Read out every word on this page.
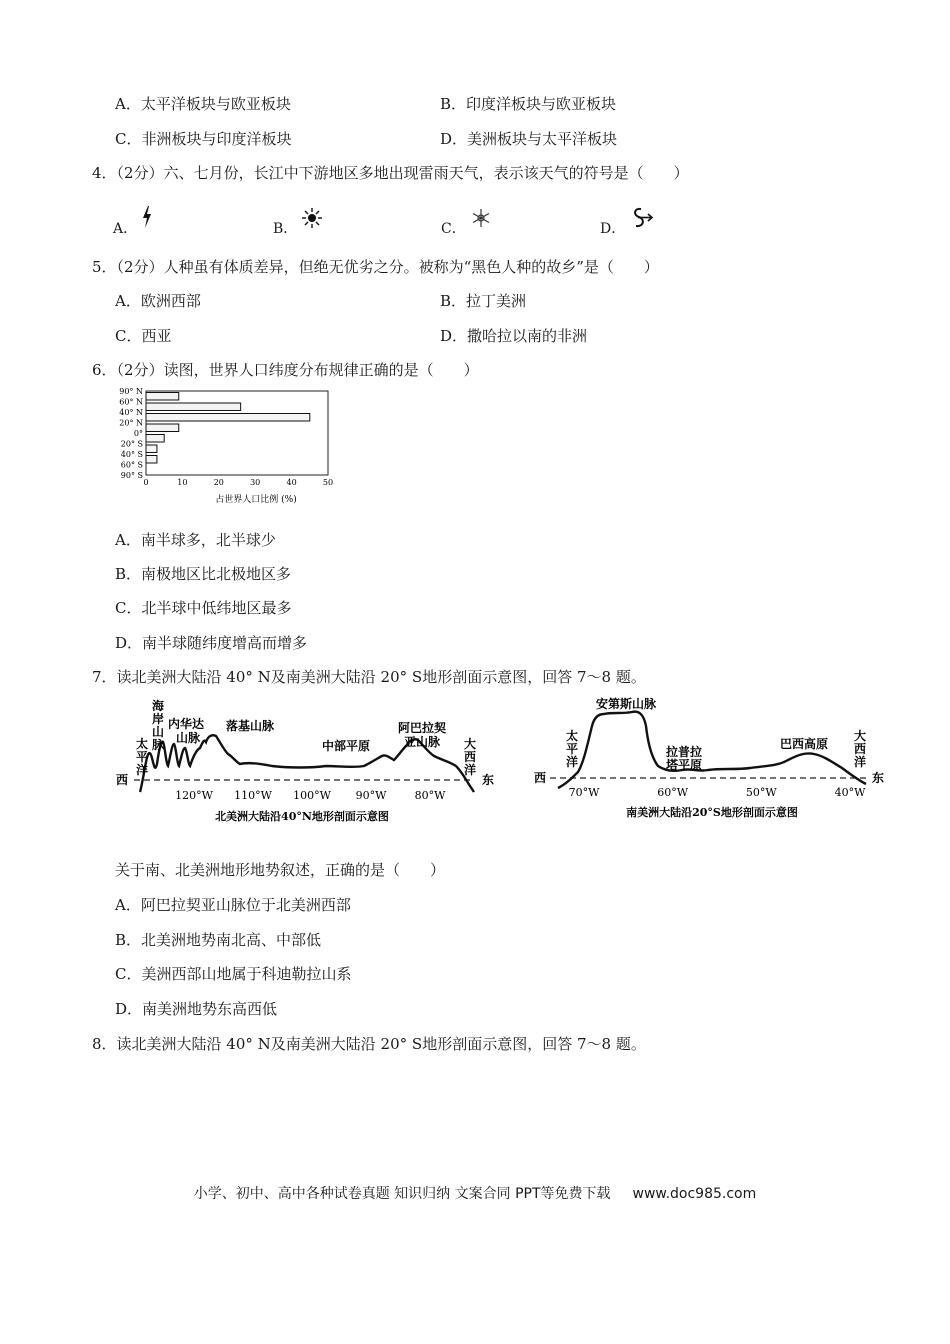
A．太平洋板块与欧亚板块	B．印度洋板块与欧亚板块
C．非洲板块与印度洋板块	D．美洲板块与太平洋板块
4．（2分）六、七月份，长江中下游地区多地出现雷雨天气，表示该天气的符号是（　　）
A．	B．	C．	D．
5．（2分）人种虽有体质差异，但绝无优劣之分。被称为“黑色人种的故乡”是（　　）
A．欧洲西部	B．拉丁美洲
C．西亚	D．撒哈拉以南的非洲
6．（2分）读图，世界人口纬度分布规律正确的是（　　）
90° N
60° N
40° N
20° N
0°
20° S
40° S
60° S
90° S
0	10	20	30	40	50
占世界人口比例 (%)
A．南半球多，北半球少
B．南极地区比北极地区多
C．北半球中低纬地区最多
D．南半球随纬度增高而增多
7．读北美洲大陆沿 40° N及南美洲大陆沿 20° S地形剖面示意图，回答 7～8 题。
西
海岸山脉
太平洋
内华达山脉
落基山脉
中部平原
阿巴拉契亚山脉	大西洋
东
120°W 110°W 100°W 90°W	80°W
北美洲大陆沿40°N地形剖面示意图
西
太平洋
安第斯山脉
拉普拉塔平原
巴西高原
大西洋
东
70°W	60°W	50°W	40°W
南美洲大陆沿20°S地形剖面示意图
关于南、北美洲地形地势叙述，正确的是（　　）
A．阿巴拉契亚山脉位于北美洲西部
B．北美洲地势南北高、中部低
C．美洲西部山地属于科迪勒拉山系
D．南美洲地势东高西低
8．读北美洲大陆沿 40° N及南美洲大陆沿 20° S地形剖面示意图，回答 7～8 题。
小学、初中、高中各种试卷真题 知识归纳 文案合同 PPT等免费下载 www.doc985.com
